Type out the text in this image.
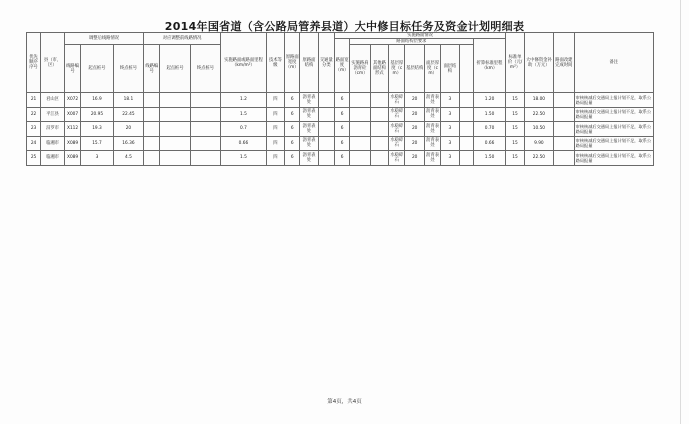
2014年国省道（含公路局管养县道）大中修目标任务及资金计划明细表
优先顺序序号	县（市、区）	调整后线路情况			对应调整前线路情况			实施路面或路面里程（km/m²）	技术等级	原路面宽度（m）	原路面结构	交通量分类	实施路面情况									标准单价（元/m²）	大中修资金补助（万元）	路面改建完成时间	备注
													路面宽度（m）	路面结构层要求							折算标准里程（km）				
		线路编号	起点桩号	终点桩号	线路编号	起点桩号	终点桩号							实施路肩沥青砼（cm）	其他路面结构形式	基层厚度（cm）	基层结构	面层厚度（cm）	面层结构						
21	君山区	X072	16.9	18.1				1.2	四	6	沥青表处		6			水稳碎石	20	沥青表处	3		1.20	15	18.00		审核核减后交通局上报计划不足，取系公路局报量
22	平江县	X007	20.95	22.45				1.5	四	6	沥青表处		6			水稳碎石	20	沥青表处	3		1.50	15	22.50		审核核减后交通局上报计划不足，取系公路局报量
23	汨罗市	X112	19.3	20				0.7	四	6	沥青表处		6			水稳碎石	20	沥青表处	3		0.70	15	10.50		审核核减后交通局上报计划不足，取系公路局报量
24	临湘市	X089	15.7	16.36				0.66	四	6	沥青表处		6			水稳碎石	20	沥青表处	3		0.66	15	9.90		审核核减后交通局上报计划不足，取系公路局报量
25	临湘市	X089	3	4.5				1.5	四	6	沥青表处		6			水稳碎石	20	沥青表处	3		1.50	15	22.50		审核核减后交通局上报计划不足，取系公路局报量
第4页，共4页
